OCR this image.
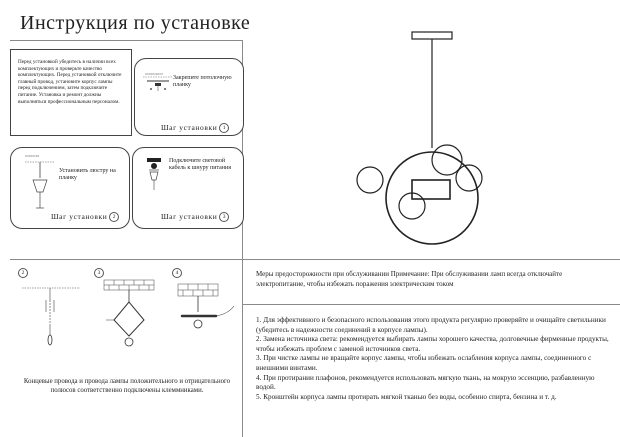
Инструкция по установке
Перед установкой убедитесь в наличии всех комплектующих и проверьте качество комплектующих. Перед установкой отключите главный провод, установите корпус лампы перед подключением, затем подключите питание. Установка и ремонт должны выполняться профессиональным персоналом.
▭▭▭▭▭
Закрепите потолочную планку
Шаг установки 1
▭▭▭▭
Установить люстру на планку
Шаг установки 2
Подключите световой кабель к шнуру питания
Шаг установки 3
2	3	4
Концевые провода и провода лампы положительного и отрицательного полюсов соответственно подключены клеммниками.
Меры предосторожности при обслуживании Примечание: При обслуживании ламп всегда отключайте электропитание, чтобы избежать поражения электрическим током

1. Для эффективного и безопасного использования этого продукта регулярно проверяйте и очищайте светильники (убедитесь в надежности соединений в корпусе лампы).

2. Замена источника света: рекомендуется выбирать лампы хорошего качества, долговечные фирменные продукты, чтобы избежать проблем с заменой источников света.

3. При чистке лампы не вращайте корпус лампы, чтобы избежать ослабления корпуса лампы, соединенного с внешними винтами.

4. При протирании плафонов, рекомендуется использовать мягкую ткань, на мокрую эссенцию, разбавленную водой.

5. Кронштейн корпуса лампы протирать мягкой тканью без воды, особенно спирта, бензина и т. д.
